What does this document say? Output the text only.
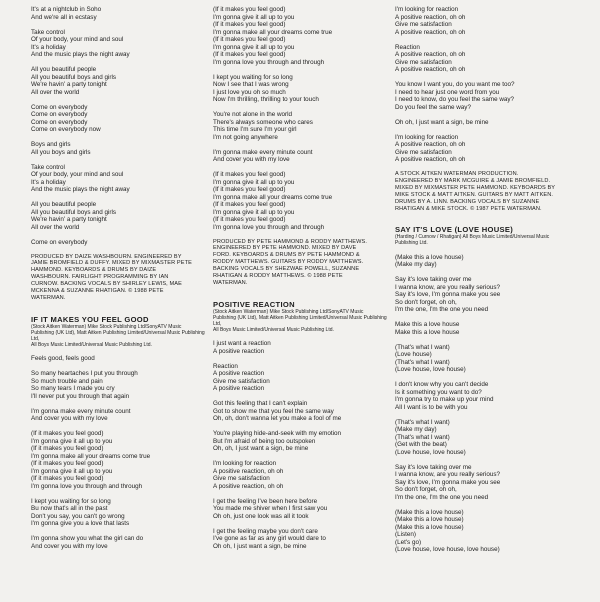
It's at a nightclub in Soho
And we're all in ecstasy
Take control
Of your body, your mind and soul
It's a holiday
And the music plays the night away
All you beautiful people
All you beautiful boys and girls
We're havin' a party tonight
All over the world
Come on everybody
Come on everybody
Come on everybody
Come on everybody now
Boys and girls
All you boys and girls
Take control
Of your body, your mind and soul
It's a holiday
And the music plays the night away
All you beautiful people
All you beautiful boys and girls
We're havin' a party tonight
All over the world
Come on everybody
PRODUCED BY DAIZE WASHBOURN. ENGINEERED BY
JAMIE BROMFIELD & DUFFY. MIXED BY MIXMASTER PETE
HAMMOND. KEYBOARDS & DRUMS BY DAIZE
WASHBOURN. FAIRLIGHT PROGRAMMING BY IAN
CURNOW. BACKING VOCALS BY SHIRLEY LEWIS, MAE
MCKENNA & SUZANNE RHATIGAN. © 1988 PETE
WATERMAN.
IF IT MAKES YOU FEEL GOOD
(Stock Aitken Waterman) Mike Stock Publishing Ltd/SonyATV Music
Publishing (UK Ltd), Matt Aitken Publishing Limited/Universal Music Publishing Ltd,
All Boys Music Limited/Universal Music Publishing Ltd.
Feels good, feels good
So many heartaches I put you through
So much trouble and pain
So many tears I made you cry
I'll never put you through that again
I'm gonna make every minute count
And cover you with my love
(If it makes you feel good)
I'm gonna give it all up to you
(If it makes you feel good)
I'm gonna make all your dreams come true
(If it makes you feel good)
I'm gonna give it all up to you
(If it makes you feel good)
I'm gonna love you through and through
I kept you waiting for so long
Bu now that's all in the past
Don't you say, you can't go wrong
I'm gonna give you a love that lasts
I'm gonna show you what the girl can do
And cover you with my love
(If it makes you feel good)
I'm gonna give it all up to you
(If it makes you feel good)
I'm gonna make all your dreams come true
(If it makes you feel good)
I'm gonna give it all up to you
(If it makes you feel good)
I'm gonna love you through and through
I kept you waiting for so long
Now I see that I was wrong
I just love you oh so much
Now I'm thrilling, thrilling to your touch
You're not alone in the world
There's always someone who cares
This time I'm sure I'm your girl
I'm not going anywhere
I'm gonna make every minute count
And cover you with my love
(If it makes you feel good)
I'm gonna give it all up to you
(If it makes you feel good)
I'm gonna make all your dreams come true
(If it makes you feel good)
I'm gonna give it all up to you
(If it makes you feel good)
I'm gonna love you through and through
PRODUCED BY PETE HAMMOND & RODDY MATTHEWS.
ENGINEERED BY PETE HAMMOND. MIXED BY DAVE
FORD. KEYBOARDS & DRUMS BY PETE HAMMOND &
RODDY MATTHEWS. GUITARS BY RODDY MATTHEWS.
BACKING VOCALS BY SHEZWAE POWELL, SUZANNE
RHATIGAN & RODDY MATTHEWS. © 1988 PETE
WATERMAN.
POSITIVE REACTION
(Stock Aitken Waterman) Mike Stock Publishing Ltd/SonyATV Music
Publishing (UK Ltd), Matt Aitken Publishing Limited/Universal Music Publishing Ltd,
All Boys Music Limited/Universal Music Publishing Ltd.
I just want a reaction
A positive reaction
Reaction
A positive reaction
Give me satisfaction
A positive reaction
Got this feeling that I can't explain
Got to show me that you feel the same way
Oh, oh, don't wanna let you make a fool of me
You're playing hide-and-seek with my emotion
But I'm afraid of being too outspoken
Oh, oh, I just want a sign, be mine
I'm looking for reaction
A positive reaction, oh oh
Give me satisfaction
A positive reaction, oh oh
I get the feeling I've been here before
You made me shiver when I first saw you
Oh oh, just one look was all it took
I get the feeling maybe you don't care
I've gone as far as any girl would dare to
Oh oh, I just want a sign, be mine
I'm looking for reaction
A positive reaction, oh oh
Give me satisfaction
A positive reaction, oh oh
Reaction
A positive reaction, oh oh
Give me satisfaction
A positive reaction, oh oh
You know I want you, do you want me too?
I need to hear just one word from you
I need to know, do you feel the same way?
Do you feel the same way?
Oh oh, I just want a sign, be mine
I'm looking for reaction
A positive reaction, oh oh
Give me satisfaction
A positive reaction, oh oh
A STOCK AITKEN WATERMAN PRODUCTION.
ENGINEERED BY MARK MCGUIRE & JAMIE BROMFIELD.
MIXED BY MIXMASTER PETE HAMMOND. KEYBOARDS BY
MIKE STOCK & MATT AITKEN. GUITARS BY MATT AITKEN.
DRUMS BY A. LINN. BACKING VOCALS BY SUZANNE
RHATIGAN & MIKE STOCK. © 1987 PETE WATERMAN.
SAY IT'S LOVE (LOVE HOUSE)
(Harding / Curnow / Rhatigan) All Boys Music Limited/Universal Music
Publishing Ltd.
(Make this a love house)
(Make my day)
Say it's love taking over me
I wanna know, are you really serious?
Say it's love, I'm gonna make you see
So don't forget, oh oh,
I'm the one, I'm the one you need
Make this a love house
Make this a love house
(That's what I want)
(Love house)
(That's what I want)
(Love house, love house)
I don't know why you can't decide
Is it something you want to do?
I'm gonna try to make up your mind
All I want is to be with you
(That's what I want)
(Make my day)
(That's what I want)
(Get with the beat)
(Love house, love house)
Say it's love taking over me
I wanna know, are you really serious?
Say it's love, I'm gonna make you see
So don't forget, oh oh,
I'm the one, I'm the one you need
(Make this a love house)
(Make this a love house)
(Make this a love house)
(Listen)
(Let's go)
(Love house, love house, love house)
